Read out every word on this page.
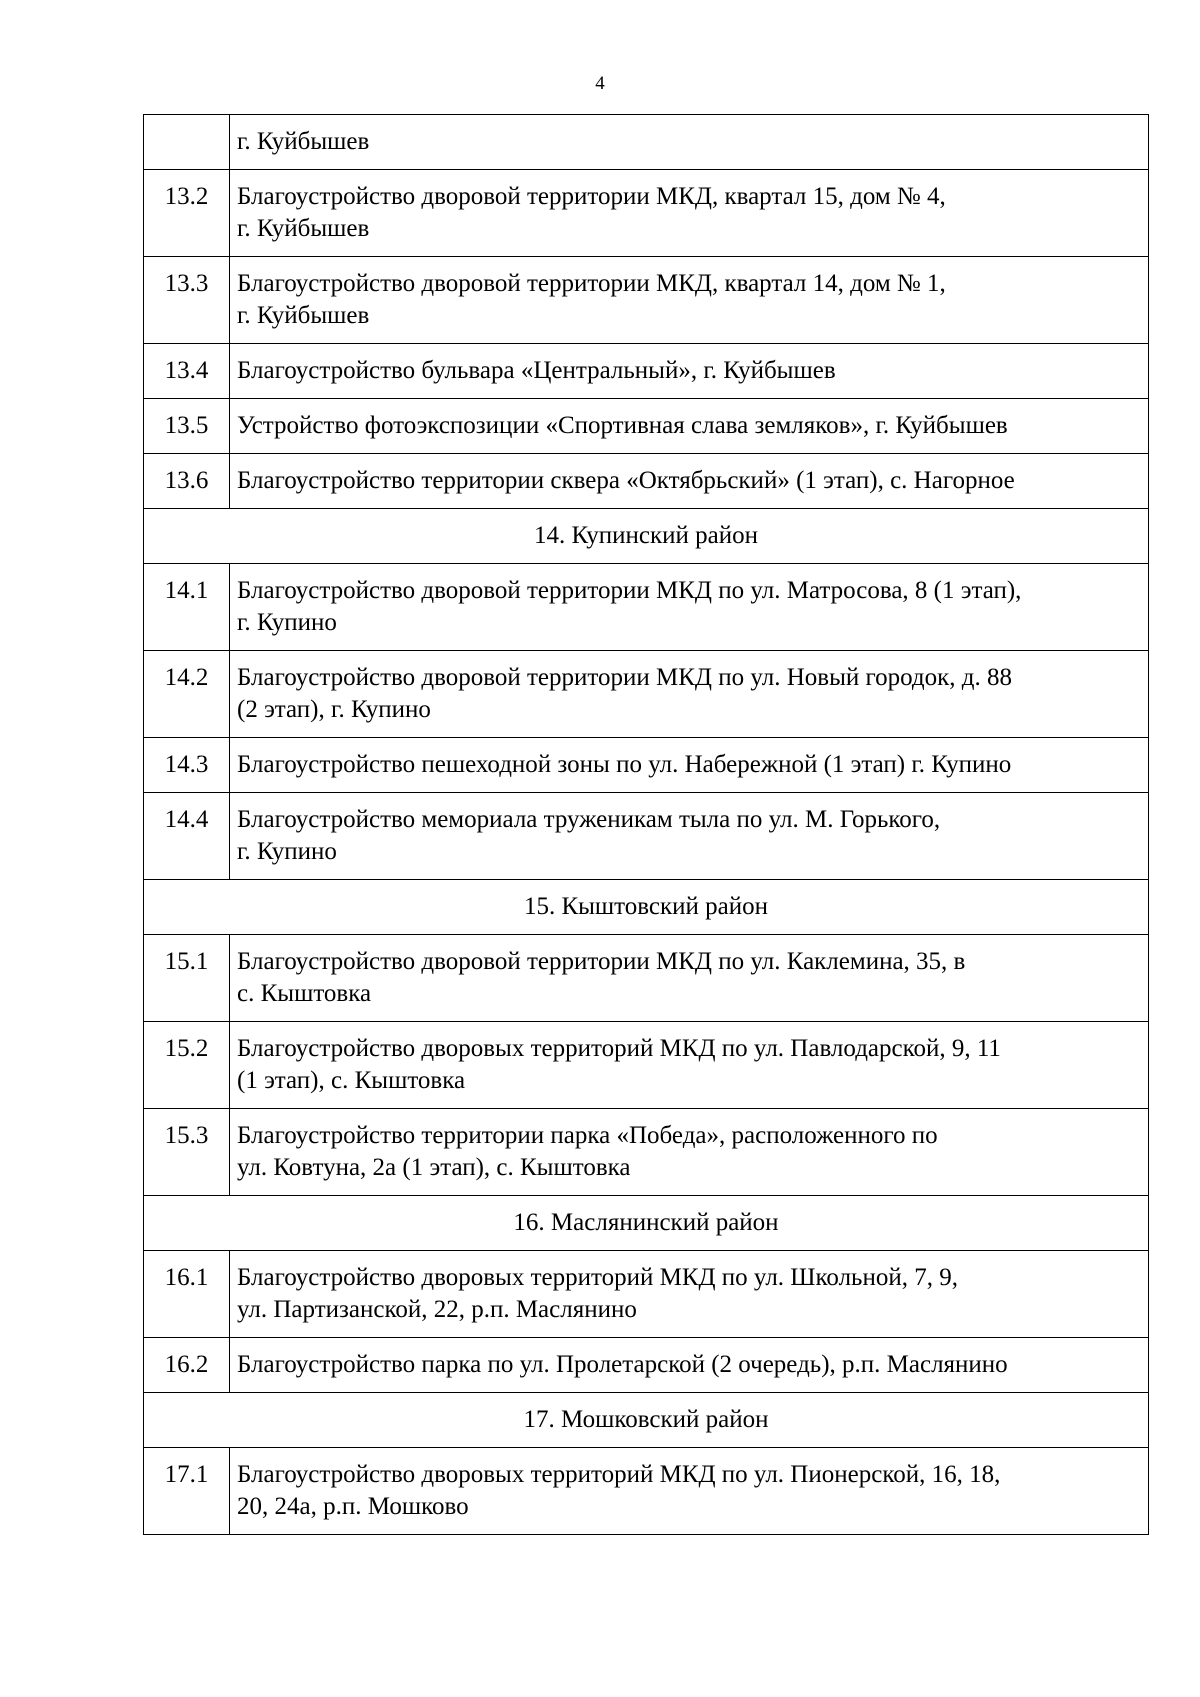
4

	г. Куйбышев

13.2	Благоустройство дворовой территории МКД, квартал 15, дом № 4,
г. Куйбышев

13.3	Благоустройство дворовой территории МКД, квартал 14, дом № 1,
г. Куйбышев

13.4	Благоустройство бульвара «Центральный», г. Куйбышев

13.5	Устройство фотоэкспозиции «Спортивная слава земляков», г. Куйбышев

13.6	Благоустройство территории сквера «Октябрьский» (1 этап), с. Нагорное

14. Купинский район	

14.1	Благоустройство дворовой территории МКД по ул. Матросова, 8 (1 этап),
г. Купино

14.2	Благоустройство дворовой территории МКД по ул. Новый городок, д. 88
(2 этап), г. Купино

14.3	Благоустройство пешеходной зоны по ул. Набережной (1 этап) г. Купино

14.4	Благоустройство мемориала труженикам тыла по ул. М. Горького,
г. Купино

15. Кыштовский район	

15.1	Благоустройство дворовой территории МКД по ул. Каклемина, 35, в
с. Кыштовка

15.2	Благоустройство дворовых территорий МКД по ул. Павлодарской, 9, 11
(1 этап), с. Кыштовка

15.3	Благоустройство территории парка «Победа», расположенного по
ул. Ковтуна, 2а (1 этап), с. Кыштовка

16. Маслянинский район	

16.1	Благоустройство дворовых территорий МКД по ул. Школьной, 7, 9,
ул. Партизанской, 22, р.п. Маслянино

16.2	Благоустройство парка по ул. Пролетарской (2 очередь), р.п. Маслянино

17. Мошковский район	

17.1	Благоустройство дворовых территорий МКД по ул. Пионерской, 16, 18,
20, 24а, р.п. Мошково
